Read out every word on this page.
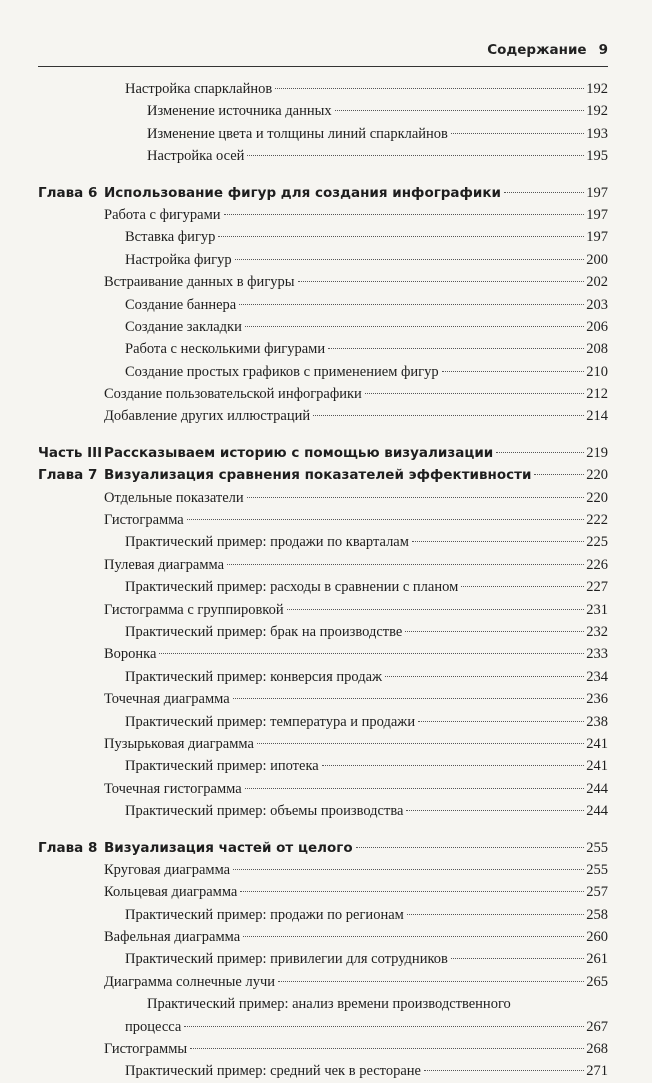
Содержание 9
Настройка спарклайнов	192
Изменение источника данных	192
Изменение цвета и толщины линий спарклайнов	193
Настройка осей	195
Глава 6 Использование фигур для создания инфографики	197
Работа с фигурами	197
Вставка фигур	197
Настройка фигур	200
Встраивание данных в фигуры	202
Создание баннера	203
Создание закладки	206
Работа с несколькими фигурами	208
Создание простых графиков с применением фигур	210
Создание пользовательской инфографики	212
Добавление других иллюстраций	214
Часть III Рассказываем историю с помощью визуализации	219
Глава 7 Визуализация сравнения показателей эффективности	220
Отдельные показатели	220
Гистограмма	222
Практический пример: продажи по кварталам	225
Пулевая диаграмма	226
Практический пример: расходы в сравнении с планом	227
Гистограмма с группировкой	231
Практический пример: брак на производстве	232
Воронка	233
Практический пример: конверсия продаж	234
Точечная диаграмма	236
Практический пример: температура и продажи	238
Пузырьковая диаграмма	241
Практический пример: ипотека	241
Точечная гистограмма	244
Практический пример: объемы производства	244
Глава 8 Визуализация частей от целого	255
Круговая диаграмма	255
Кольцевая диаграмма	257
Практический пример: продажи по регионам	258
Вафельная диаграмма	260
Практический пример: привилегии для сотрудников	261
Диаграмма солнечные лучи	265
Практический пример: анализ времени производственного
процесса	267
Гистограммы	268
Практический пример: средний чек в ресторане	271
